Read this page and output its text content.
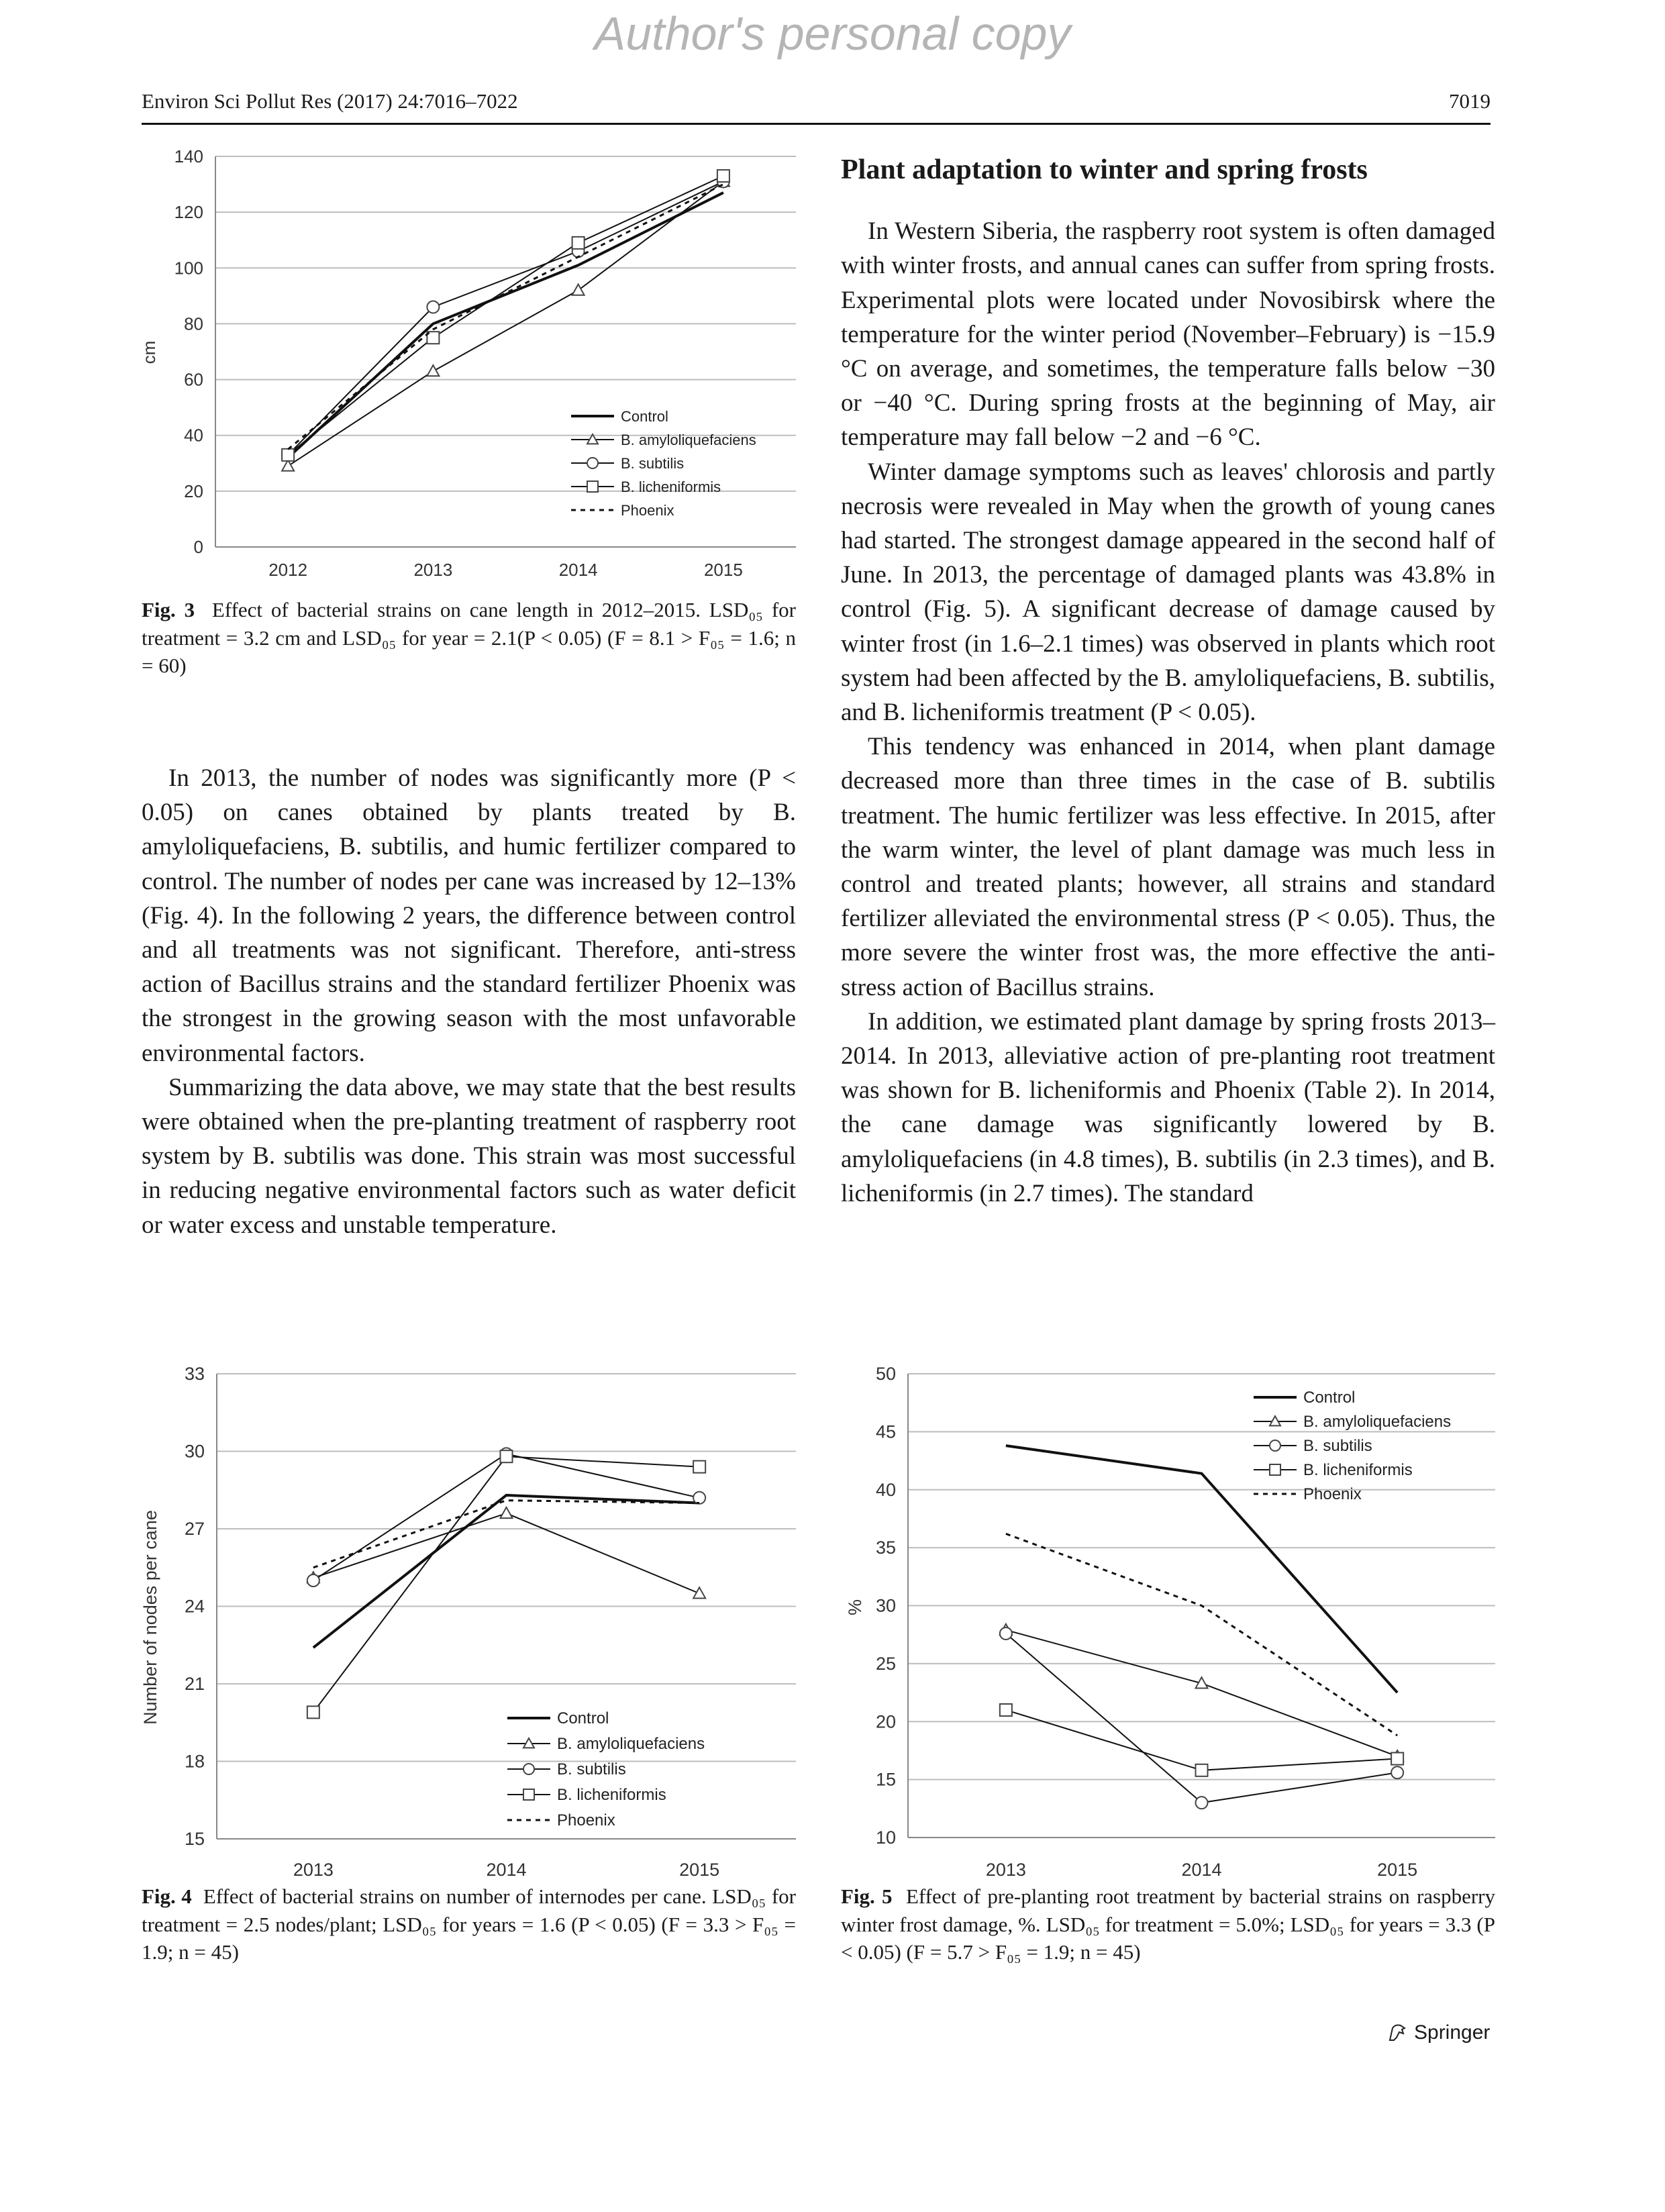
Author's personal copy
Environ Sci Pollut Res (2017) 24:7016–7022	7019
0
20
40
60
80
100
120
140
2012	2013	2014	2015
cm
Control
B. amyloliquefaciens
B. subtilis
B. licheniformis
Phoenix
Fig. 3 Effect of bacterial strains on cane length in 2012–2015. LSD₀₅ for treatment = 3.2 cm and LSD₀₅ for year = 2.1(P < 0.05) (F = 8.1 > F₀₅ = 1.6; n = 60)

In 2013, the number of nodes was significantly more (P < 0.05) on canes obtained by plants treated by B. amyloliquefaciens, B. subtilis, and humic fertilizer compared to control. The number of nodes per cane was increased by 12–13% (Fig. 4). In the following 2 years, the difference between control and all treatments was not significant. Therefore, anti-stress action of Bacillus strains and the standard fertilizer Phoenix was the strongest in the growing season with the most unfavorable environmental factors.

Summarizing the data above, we may state that the best results were obtained when the pre-planting treatment of raspberry root system by B. subtilis was done. This strain was most successful in reducing negative environmental factors such as water deficit or water excess and unstable temperature.

Plant adaptation to winter and spring frosts

In Western Siberia, the raspberry root system is often damaged with winter frosts, and annual canes can suffer from spring frosts. Experimental plots were located under Novosibirsk where the temperature for the winter period (November–February) is −15.9 °C on average, and sometimes, the temperature falls below −30 or −40 °C. During spring frosts at the beginning of May, air temperature may fall below −2 and −6 °C.

Winter damage symptoms such as leaves' chlorosis and partly necrosis were revealed in May when the growth of young canes had started. The strongest damage appeared in the second half of June. In 2013, the percentage of damaged plants was 43.8% in control (Fig. 5). A significant decrease of damage caused by winter frost (in 1.6–2.1 times) was observed in plants which root system had been affected by the B. amyloliquefaciens, B. subtilis, and B. licheniformis treatment (P < 0.05).

This tendency was enhanced in 2014, when plant damage decreased more than three times in the case of B. subtilis treatment. The humic fertilizer was less effective. In 2015, after the warm winter, the level of plant damage was much less in control and treated plants; however, all strains and standard fertilizer alleviated the environmental stress (P < 0.05). Thus, the more severe the winter frost was, the more effective the anti-stress action of Bacillus strains.

In addition, we estimated plant damage by spring frosts 2013–2014. In 2013, alleviative action of pre-planting root treatment was shown for B. licheniformis and Phoenix (Table 2). In 2014, the cane damage was significantly lowered by B. amyloliquefaciens (in 4.8 times), B. subtilis (in 2.3 times), and B. licheniformis (in 2.7 times). The standard

15
18
21
24
27
30
33
2013	2014	2015
Number of nodes per cane	Control
B. amyloliquefaciens
B. subtilis
B. licheniformis
Phoenix
Fig. 4 Effect of bacterial strains on number of internodes per cane. LSD₀₅ for treatment = 2.5 nodes/plant; LSD₀₅ for years = 1.6 (P < 0.05) (F = 3.3 > F₀₅ = 1.9; n = 45)
10
15
20
25
30
35
40
45
50
2013	2014	2015
%
Control
B. amyloliquefaciens
B. subtilis
B. licheniformis
Phoenix
Fig. 5 Effect of pre-planting root treatment by bacterial strains on raspberry winter frost damage, %. LSD₀₅ for treatment = 5.0%; LSD₀₅ for years = 3.3 (P < 0.05) (F = 5.7 > F₀₅ = 1.9; n = 45)
Springer
